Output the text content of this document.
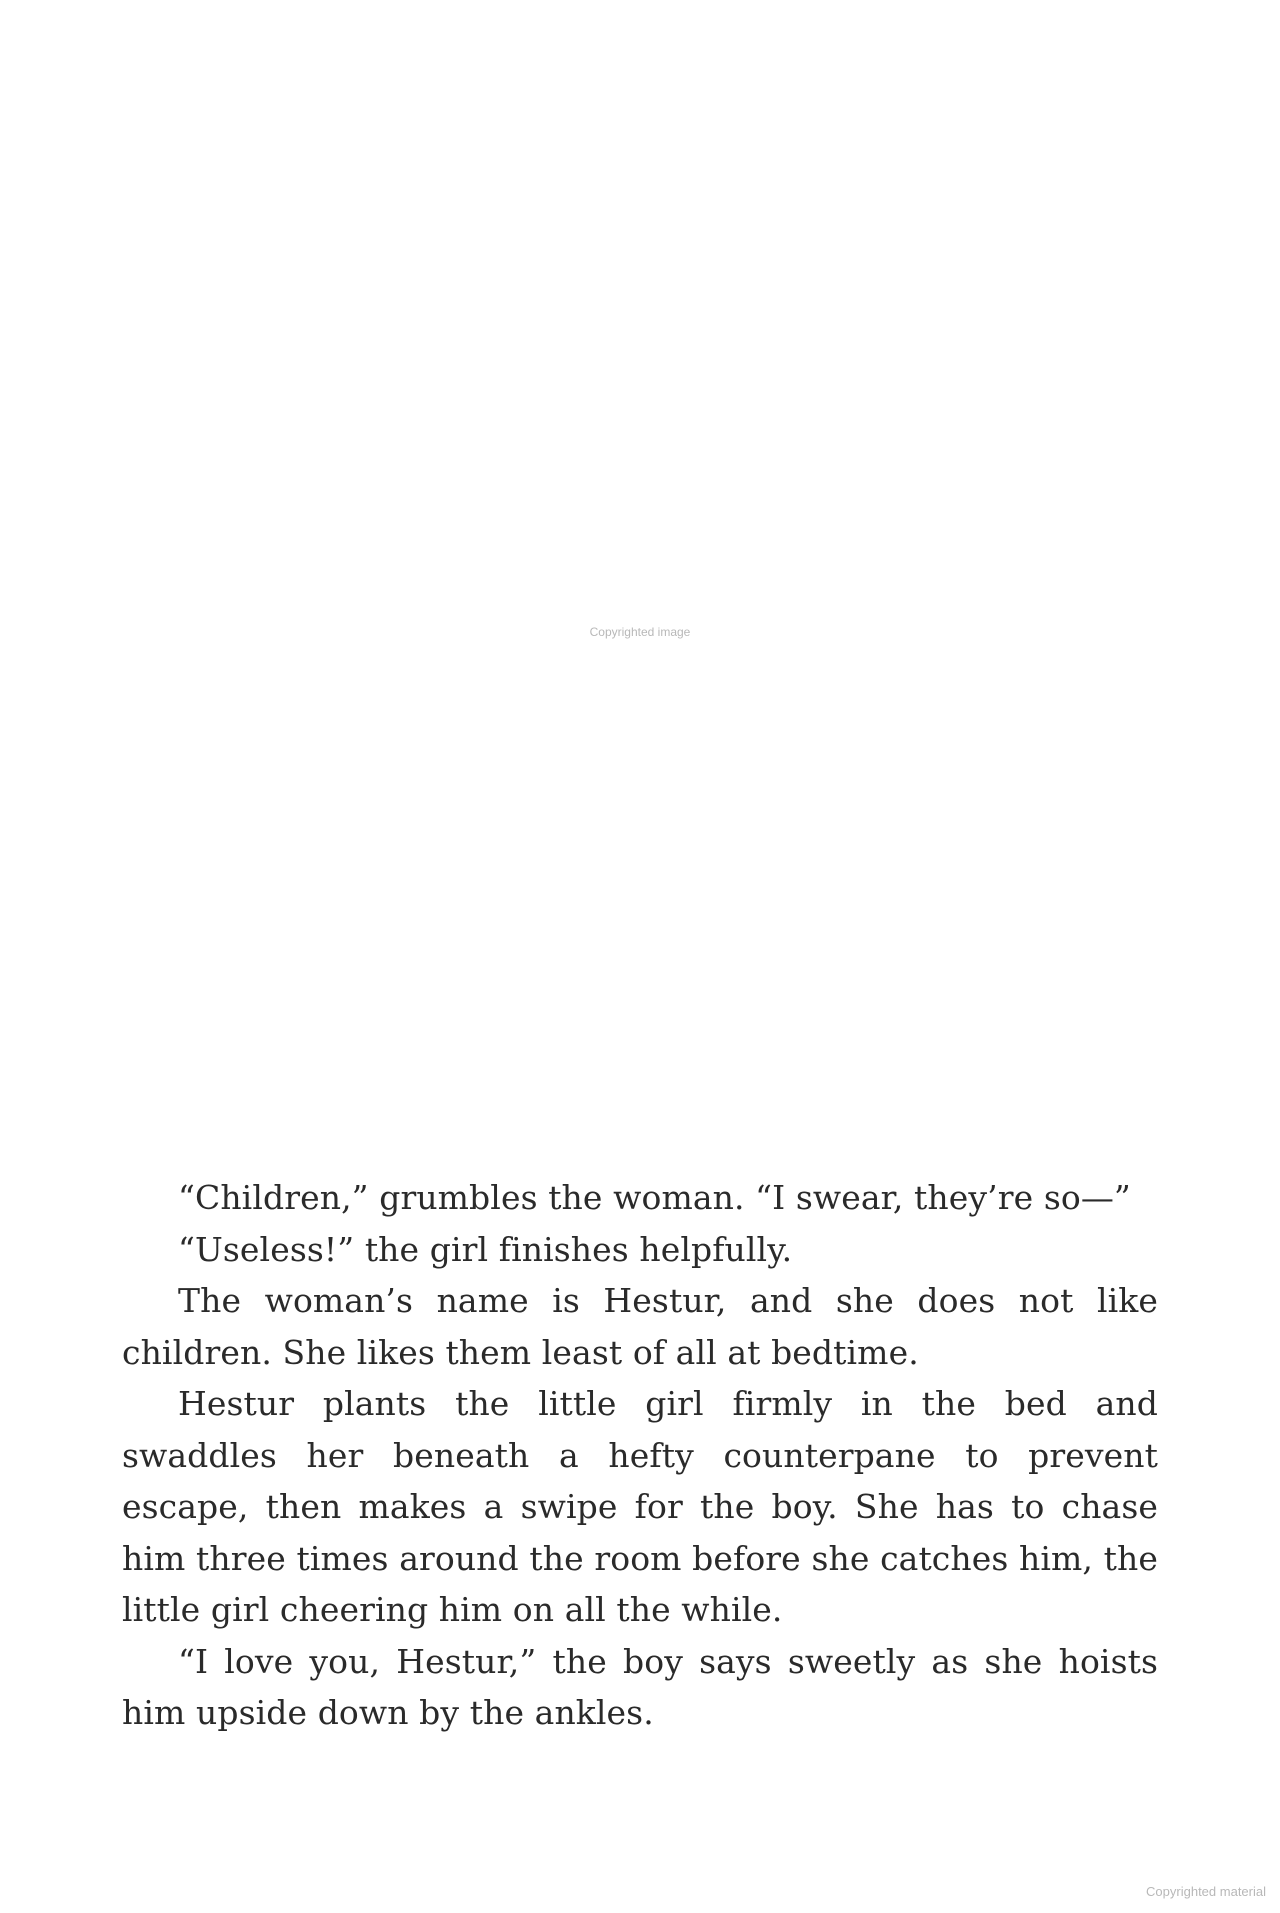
Copyrighted image

“Children,” grumbles the woman. “I swear, they’re so—”

“Useless!” the girl finishes helpfully.

The woman’s name is Hestur, and she does not like children. She likes them least of all at bedtime.

Hestur plants the little girl firmly in the bed and swaddles her beneath a hefty counterpane to prevent escape, then makes a swipe for the boy. She has to chase him three times around the room before she catches him, the little girl cheering him on all the while.

“I love you, Hestur,” the boy says sweetly as she hoists him upside down by the ankles.

Copyrighted material
